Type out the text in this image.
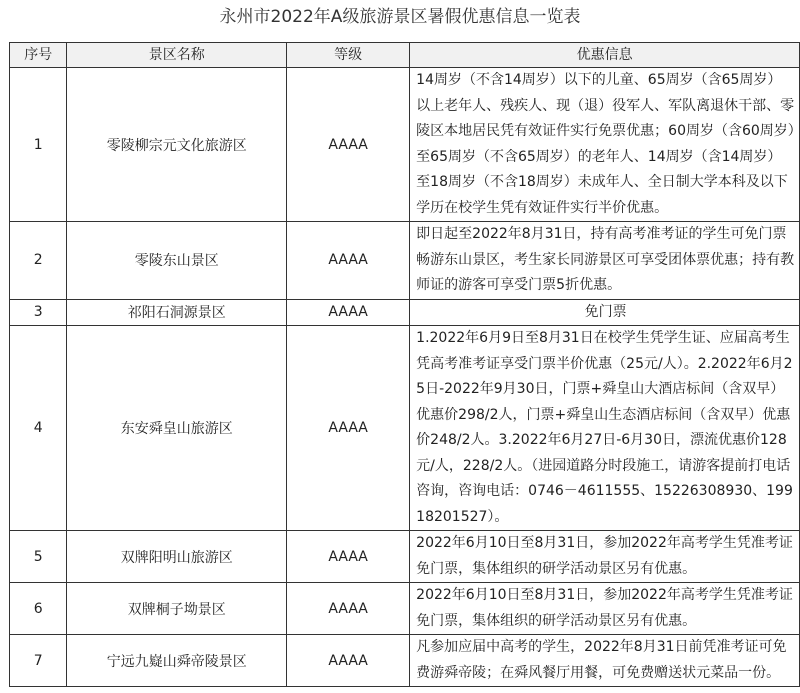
永州市2022年A级旅游景区暑假优惠信息一览表
序号	景区名称	等级	优惠信息
1	零陵柳宗元文化旅游区	AAAA	14周岁（不含14周岁）以下的儿童、65周岁（含65周岁）以上老年人、残疾人、现（退）役军人、军队离退休干部、零陵区本地居民凭有效证件实行免票优惠；60周岁（含60周岁）至65周岁（不含65周岁）的老年人、14周岁（含14周岁）至18周岁（不含18周岁）未成年人、全日制大学本科及以下学历在校学生凭有效证件实行半价优惠。
2	零陵东山景区	AAAA	即日起至2022年8月31日，持有高考准考证的学生可免门票畅游东山景区，考生家长同游景区可享受团体票优惠；持有教师证的游客可享受门票5折优惠。
3	祁阳石洞源景区	AAAA	免门票
4	东安舜皇山旅游区	AAAA	1.2022年6月9日至8月31日在校学生凭学生证、应届高考生凭高考准考证享受门票半价优惠（25元/人）。2.2022年6月25日-2022年9月30日，门票+舜皇山大酒店标间（含双早）优惠价298/2人，门票+舜皇山生态酒店标间（含双早）优惠价248/2人。3.2022年6月27日-6月30日，漂流优惠价128元/人，228/2人。（进园道路分时段施工，请游客提前打电话咨询，咨询电话：0746－4611555、15226308930、19918201527）。
5	双牌阳明山旅游区	AAAA	2022年6月10日至8月31日，参加2022年高考学生凭准考证免门票，集体组织的研学活动景区另有优惠。
6	双牌桐子坳景区	AAAA	2022年6月10日至8月31日，参加2022年高考学生凭准考证免门票，集体组织的研学活动景区另有优惠。
7	宁远九嶷山舜帝陵景区	AAAA	凡参加应届中高考的学生，2022年8月31日前凭准考证可免费游舜帝陵；在舜风餐厅用餐，可免费赠送状元菜品一份。
